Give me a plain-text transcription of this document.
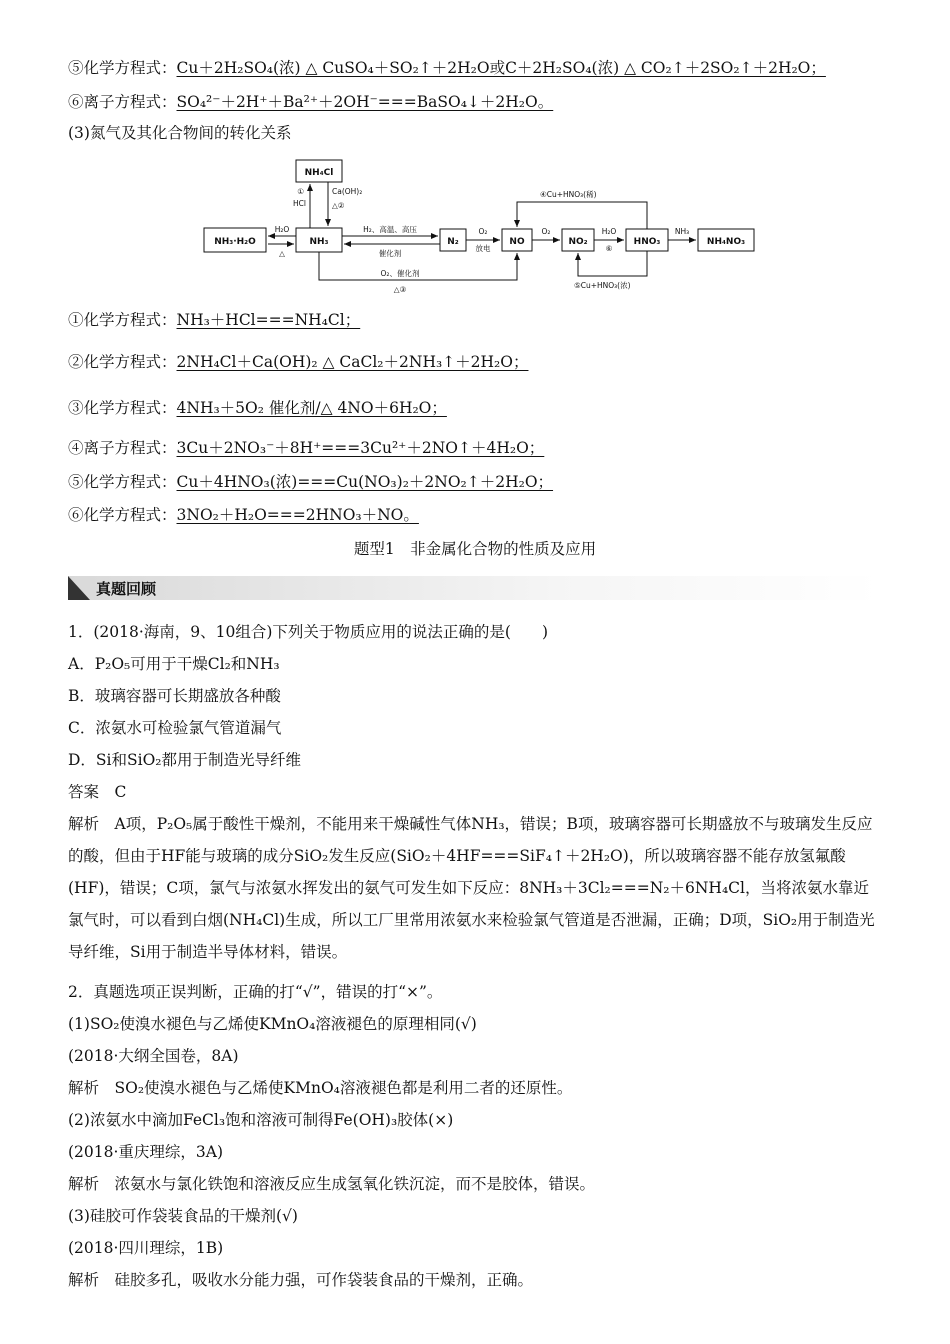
⑤化学方程式：Cu＋2H₂SO₄(浓) △ CuSO₄＋SO₂↑＋2H₂O或C＋2H₂SO₄(浓) △ CO₂↑＋2SO₂↑＋2H₂O；
⑥离子方程式：SO₄²⁻＋2H⁺＋Ba²⁺＋2OH⁻===BaSO₄↓＋2H₂O。
(3)氮气及其化合物间的转化关系
NH₄Cl
NH₃·H₂O	NH₃	N₂	NO	NO₂	HNO₃	NH₄NO₃
①
HCl
Ca(OH)₂
△②
H₂O
△
H₂、高温、高压
催化剂
O₂
放电
O₂	H₂O
⑥
NH₃
④Cu+HNO₃(稀)
⑤Cu+HNO₃(浓)
O₂、催化剂
△③
①化学方程式：NH₃＋HCl===NH₄Cl；
②化学方程式：2NH₄Cl＋Ca(OH)₂ △ CaCl₂＋2NH₃↑＋2H₂O；
③化学方程式：4NH₃＋5O₂ 催化剂/△ 4NO＋6H₂O；
④离子方程式：3Cu＋2NO₃⁻＋8H⁺===3Cu²⁺＋2NO↑＋4H₂O；
⑤化学方程式：Cu＋4HNO₃(浓)===Cu(NO₃)₂＋2NO₂↑＋2H₂O；
⑥化学方程式：3NO₂＋H₂O===2HNO₃＋NO。
题型1　非金属化合物的性质及应用
真题回顾
1．(2018·海南，9、10组合)下列关于物质应用的说法正确的是(　　)
A．P₂O₅可用于干燥Cl₂和NH₃
B．玻璃容器可长期盛放各种酸
C．浓氨水可检验氯气管道漏气
D．Si和SiO₂都用于制造光导纤维
答案　C
解析　A项，P₂O₅属于酸性干燥剂，不能用来干燥碱性气体NH₃，错误；B项，玻璃容器可长期盛放不与玻璃发生反应的酸，但由于HF能与玻璃的成分SiO₂发生反应(SiO₂＋4HF===SiF₄↑＋2H₂O)，所以玻璃容器不能存放氢氟酸(HF)，错误；C项，氯气与浓氨水挥发出的氨气可发生如下反应：8NH₃＋3Cl₂===N₂＋6NH₄Cl，当将浓氨水靠近氯气时，可以看到白烟(NH₄Cl)生成，所以工厂里常用浓氨水来检验氯气管道是否泄漏，正确；D项，SiO₂用于制造光导纤维，Si用于制造半导体材料，错误。
2．真题选项正误判断，正确的打“√”，错误的打“×”。
(1)SO₂使溴水褪色与乙烯使KMnO₄溶液褪色的原理相同(√)
(2018·大纲全国卷，8A)
解析　SO₂使溴水褪色与乙烯使KMnO₄溶液褪色都是利用二者的还原性。
(2)浓氨水中滴加FeCl₃饱和溶液可制得Fe(OH)₃胶体(×)
(2018·重庆理综，3A)
解析　浓氨水与氯化铁饱和溶液反应生成氢氧化铁沉淀，而不是胶体，错误。
(3)硅胶可作袋装食品的干燥剂(√)
(2018·四川理综，1B)
解析　硅胶多孔，吸收水分能力强，可作袋装食品的干燥剂，正确。
